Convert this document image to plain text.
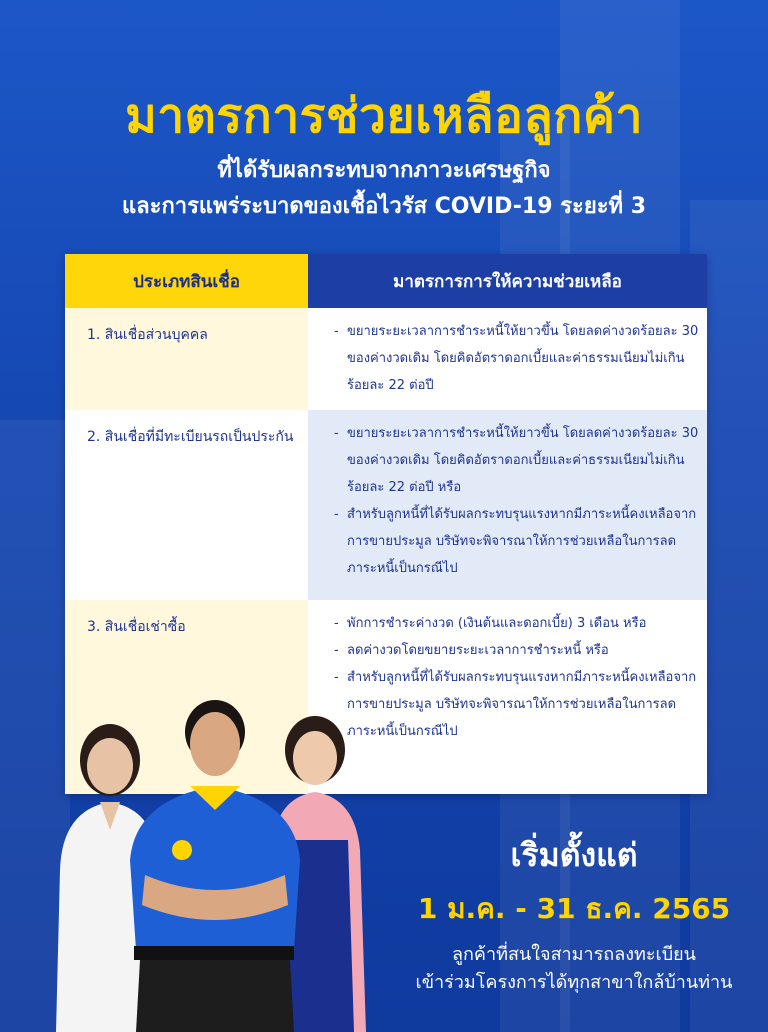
มาตรการช่วยเหลือลูกค้า
ที่ได้รับผลกระทบจากภาวะเศรษฐกิจ
และการแพร่ระบาดของเชื้อไวรัส COVID-19 ระยะที่ 3
ประเภทสินเชื่อ	มาตรการการให้ความช่วยเหลือ
1. สินเชื่อส่วนบุคคล	- ขยายระยะเวลาการชำระหนี้ให้ยาวขึ้น โดยลดค่างวดร้อยละ 30 ของค่างวดเดิม โดยคิดอัตราดอกเบี้ยและค่าธรรมเนียมไม่เกินร้อยละ 22 ต่อปี
2. สินเชื่อที่มีทะเบียนรถเป็นประกัน	- ขยายระยะเวลาการชำระหนี้ให้ยาวขึ้น โดยลดค่างวดร้อยละ 30 ของค่างวดเดิม โดยคิดอัตราดอกเบี้ยและค่าธรรมเนียมไม่เกินร้อยละ 22 ต่อปี หรือ
- สำหรับลูกหนี้ที่ได้รับผลกระทบรุนแรงหากมีภาระหนี้คงเหลือจากการขายประมูล บริษัทจะพิจารณาให้การช่วยเหลือในการลดภาระหนี้เป็นกรณีไป
3. สินเชื่อเช่าซื้อ	- พักการชำระค่างวด (เงินต้นและดอกเบี้ย) 3 เดือน หรือ
- ลดค่างวดโดยขยายระยะเวลาการชำระหนี้ หรือ
- สำหรับลูกหนี้ที่ได้รับผลกระทบรุนแรงหากมีภาระหนี้คงเหลือจากการขายประมูล บริษัทจะพิจารณาให้การช่วยเหลือในการลดภาระหนี้เป็นกรณีไป
เริ่มตั้งแต่
1 ม.ค. - 31 ธ.ค. 2565
ลูกค้าที่สนใจสามารถลงทะเบียน
เข้าร่วมโครงการได้ทุกสาขาใกล้บ้านท่าน
